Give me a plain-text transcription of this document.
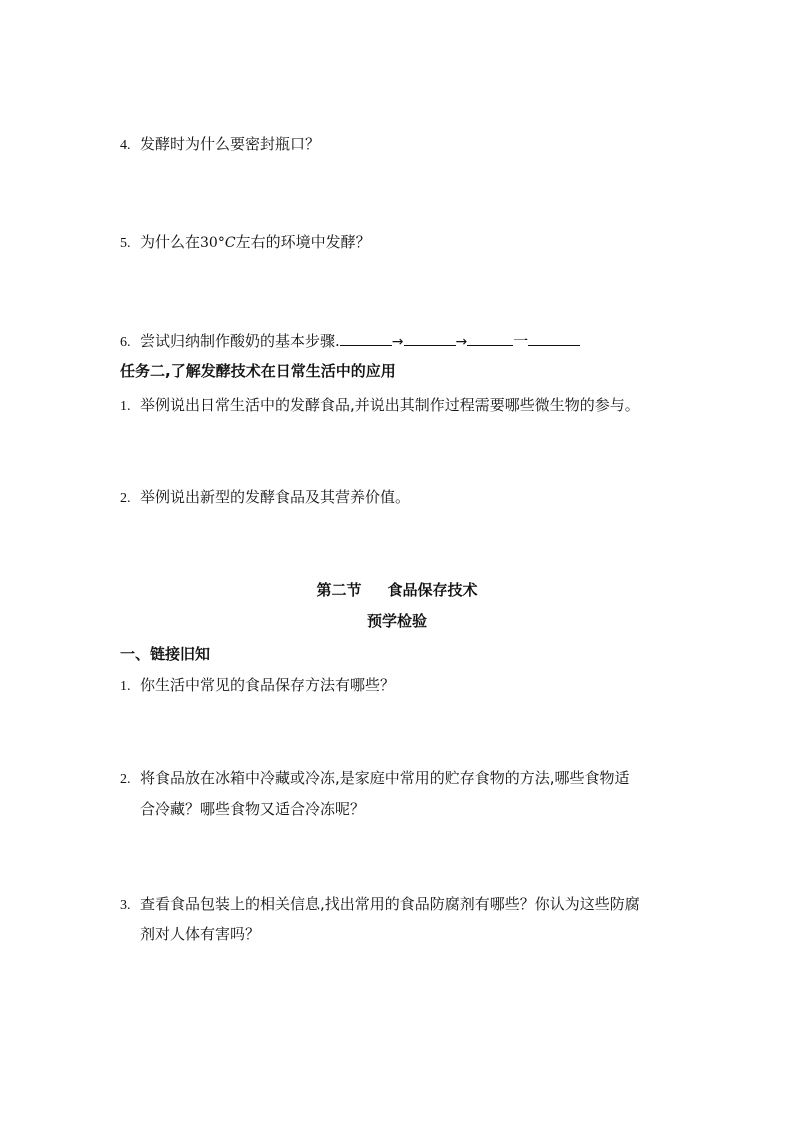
4. 发酵时为什么要密封瓶口？

5. 为什么在30°C左右的环境中发酵？

6. 尝试归纳制作酸奶的基本步骤.	→	→	一

任务二,了解发酵技术在日常生活中的应用

1. 举例说出日常生活中的发酵食品,并说出其制作过程需要哪些微生物的参与。

2. 举例说出新型的发酵食品及其营养价值。

第二节 食品保存技术

预学检验

一、链接旧知

1. 你生活中常见的食品保存方法有哪些？

2. 将食品放在冰箱中冷藏或冷冻,是家庭中常用的贮存食物的方法,哪些食物适

合冷藏？哪些食物又适合冷冻呢？

3. 查看食品包装上的相关信息,找出常用的食品防腐剂有哪些？你认为这些防腐

剂对人体有害吗？
